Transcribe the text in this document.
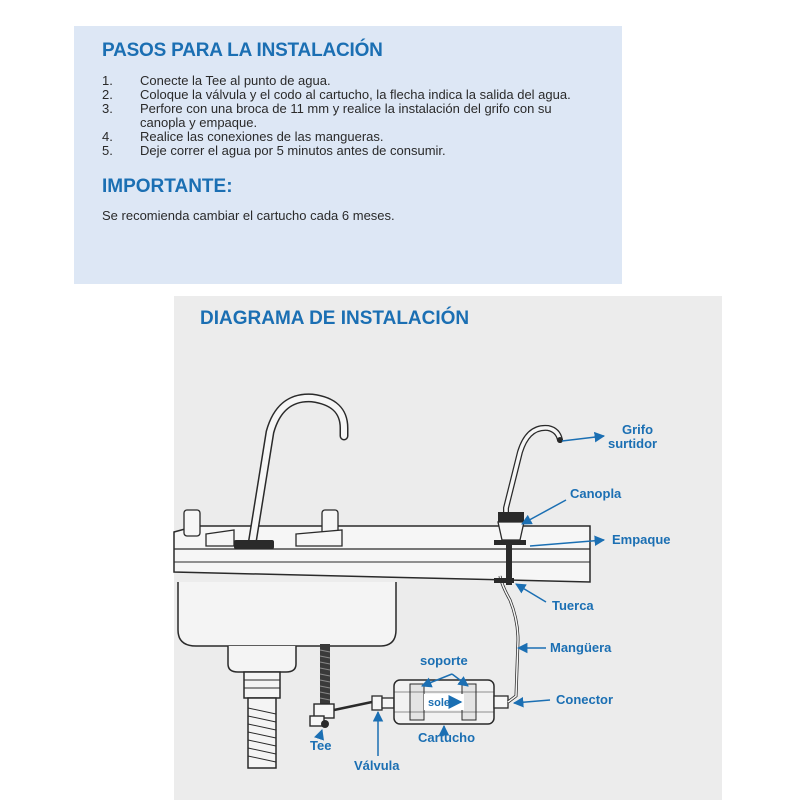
PASOS PARA LA INSTALACIÓN
1.	Conecte la Tee al punto de agua.
2.	Coloque la válvula y el codo al cartucho, la flecha indica la salida del agua.
3.	Perfore con una broca de 11 mm y realice la instalación del grifo con su canopla y empaque.
4.	Realice las conexiones de las mangueras.
5.	Deje correr el agua por 5 minutos antes de consumir.
IMPORTANTE:
Se recomienda cambiar el cartucho cada 6 meses.
DIAGRAMA DE INSTALACIÓN
sole
Grifo
surtidor
Canopla
Empaque
Tuerca
Mangüera
soporte
Conector
Cartucho
Tee
Válvula
